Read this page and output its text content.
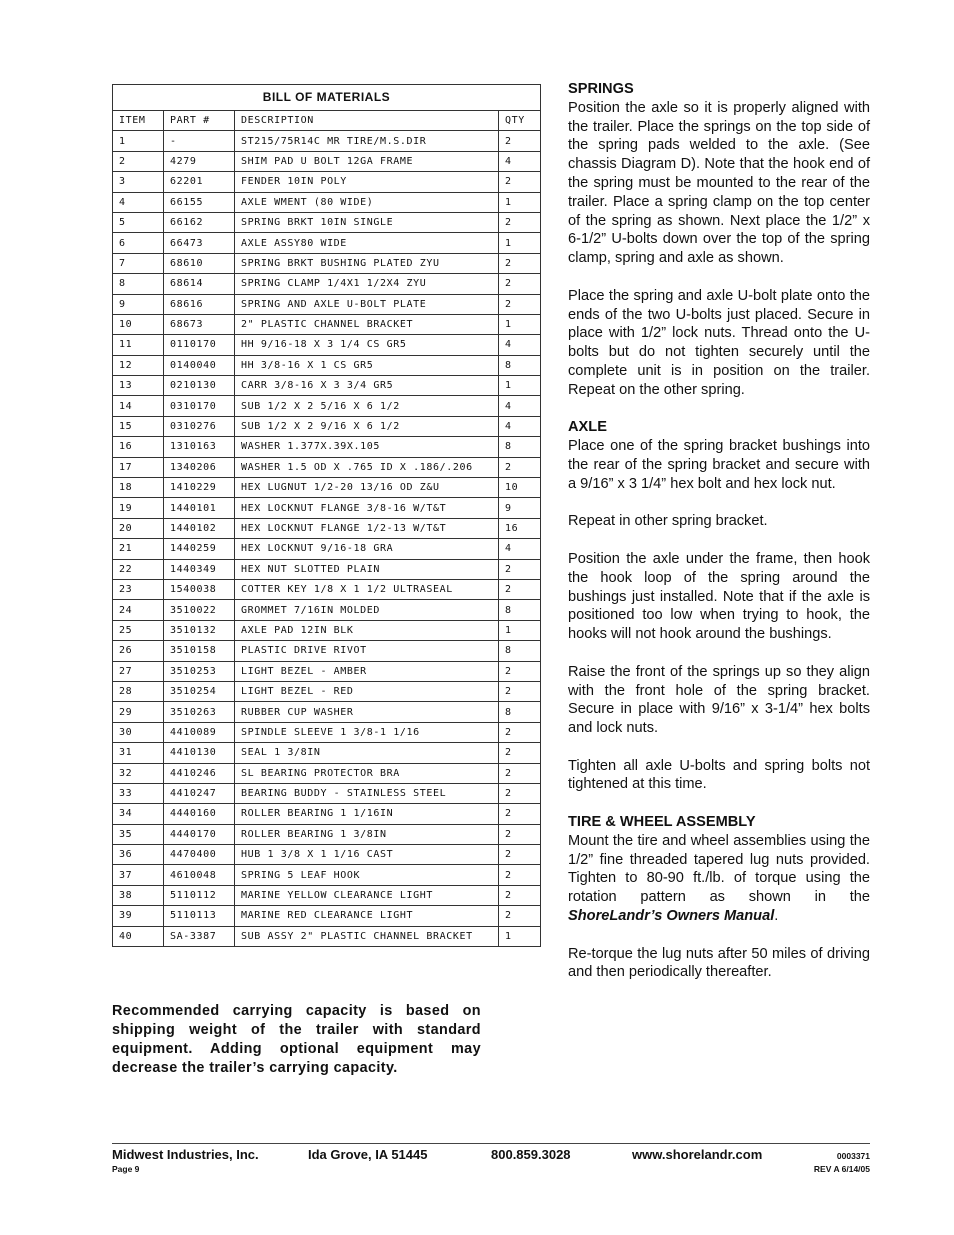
BILL OF MATERIALS
ITEM	PART #	DESCRIPTION	QTY
1	-	ST215/75R14C MR TIRE/M.S.DIR	2
2	4279	SHIM PAD U BOLT 12GA FRAME	4
3	62201	FENDER 10IN POLY	2
4	66155	AXLE WMENT (80 WIDE)	1
5	66162	SPRING BRKT 10IN SINGLE	2
6	66473	AXLE ASSY80 WIDE	1
7	68610	SPRING BRKT BUSHING PLATED ZYU	2
8	68614	SPRING CLAMP 1/4X1 1/2X4 ZYU	2
9	68616	SPRING AND AXLE U-BOLT PLATE	2
10	68673	2" PLASTIC CHANNEL BRACKET	1
11	0110170	HH 9/16-18 X 3 1/4 CS GR5	4
12	0140040	HH 3/8-16 X 1 CS GR5	8
13	0210130	CARR 3/8-16 X 3 3/4 GR5	1
14	0310170	SUB 1/2 X 2 5/16 X 6 1/2	4
15	0310276	SUB 1/2 X 2 9/16 X 6 1/2	4
16	1310163	WASHER 1.377X.39X.105	8
17	1340206	WASHER 1.5 OD X .765 ID X .186/.206	2
18	1410229	HEX LUGNUT 1/2-20 13/16 OD Z&U	10
19	1440101	HEX LOCKNUT FLANGE 3/8-16 W/T&T	9
20	1440102	HEX LOCKNUT FLANGE 1/2-13 W/T&T	16
21	1440259	HEX LOCKNUT 9/16-18 GRA	4
22	1440349	HEX NUT SLOTTED PLAIN	2
23	1540038	COTTER KEY 1/8 X 1 1/2 ULTRASEAL	2
24	3510022	GROMMET 7/16IN MOLDED	8
25	3510132	AXLE PAD 12IN BLK	1
26	3510158	PLASTIC DRIVE RIVOT	8
27	3510253	LIGHT BEZEL - AMBER	2
28	3510254	LIGHT BEZEL - RED	2
29	3510263	RUBBER CUP WASHER	8
30	4410089	SPINDLE SLEEVE 1 3/8-1 1/16	2
31	4410130	SEAL 1 3/8IN	2
32	4410246	SL BEARING PROTECTOR BRA	2
33	4410247	BEARING BUDDY - STAINLESS STEEL	2
34	4440160	ROLLER BEARING 1 1/16IN	2
35	4440170	ROLLER BEARING 1 3/8IN	2
36	4470400	HUB 1 3/8 X 1 1/16 CAST	2
37	4610048	SPRING 5 LEAF HOOK	2
38	5110112	MARINE YELLOW CLEARANCE LIGHT	2
39	5110113	MARINE RED CLEARANCE LIGHT	2
40	SA-3387	SUB ASSY 2" PLASTIC CHANNEL BRACKET	1

Recommended carrying capacity is based on shipping weight of the trailer with standard equipment. Adding optional equipment may decrease the trailer’s carrying capacity.

SPRINGS

Position the axle so it is properly aligned with the trailer. Place the springs on the top side of the spring pads welded to the axle. (See chassis Diagram D). Note that the hook end of the spring must be mounted to the rear of the trailer. Place a spring clamp on the top center of the spring as shown. Next place the 1/2” x 6-1/2” U-bolts down over the top of the spring clamp, spring and axle as shown.

Place the spring and axle U-bolt plate onto the ends of the two U-bolts just placed. Secure in place with 1/2” lock nuts. Thread onto the U-bolts but do not tighten securely until the complete unit is in position on the trailer. Repeat on the other spring.

AXLE

Place one of the spring bracket bushings into the rear of the spring bracket and secure with a 9/16” x 3 1/4” hex bolt and hex lock nut.

Repeat in other spring bracket.

Position the axle under the frame, then hook the hook loop of the spring around the bushings just installed. Note that if the axle is positioned too low when trying to hook, the hooks will not hook around the bushings.

Raise the front of the springs up so they align with the front hole of the spring bracket. Secure in place with 9/16” x 3-1/4” hex bolts and lock nuts.

Tighten all axle U-bolts and spring bolts not tightened at this time.

TIRE & WHEEL ASSEMBLY

Mount the tire and wheel assemblies using the 1/2” fine threaded tapered lug nuts provided. Tighten to 80-90 ft./lb. of torque using the rotation pattern as shown in the ShoreLandr’s Owners Manual.

Re-torque the lug nuts after 50 miles of driving and then periodically thereafter.

Midwest Industries, Inc.	Ida Grove, IA 51445	800.859.3028	www.shorelandr.com
Page 9
0003371
REV A 6/14/05
